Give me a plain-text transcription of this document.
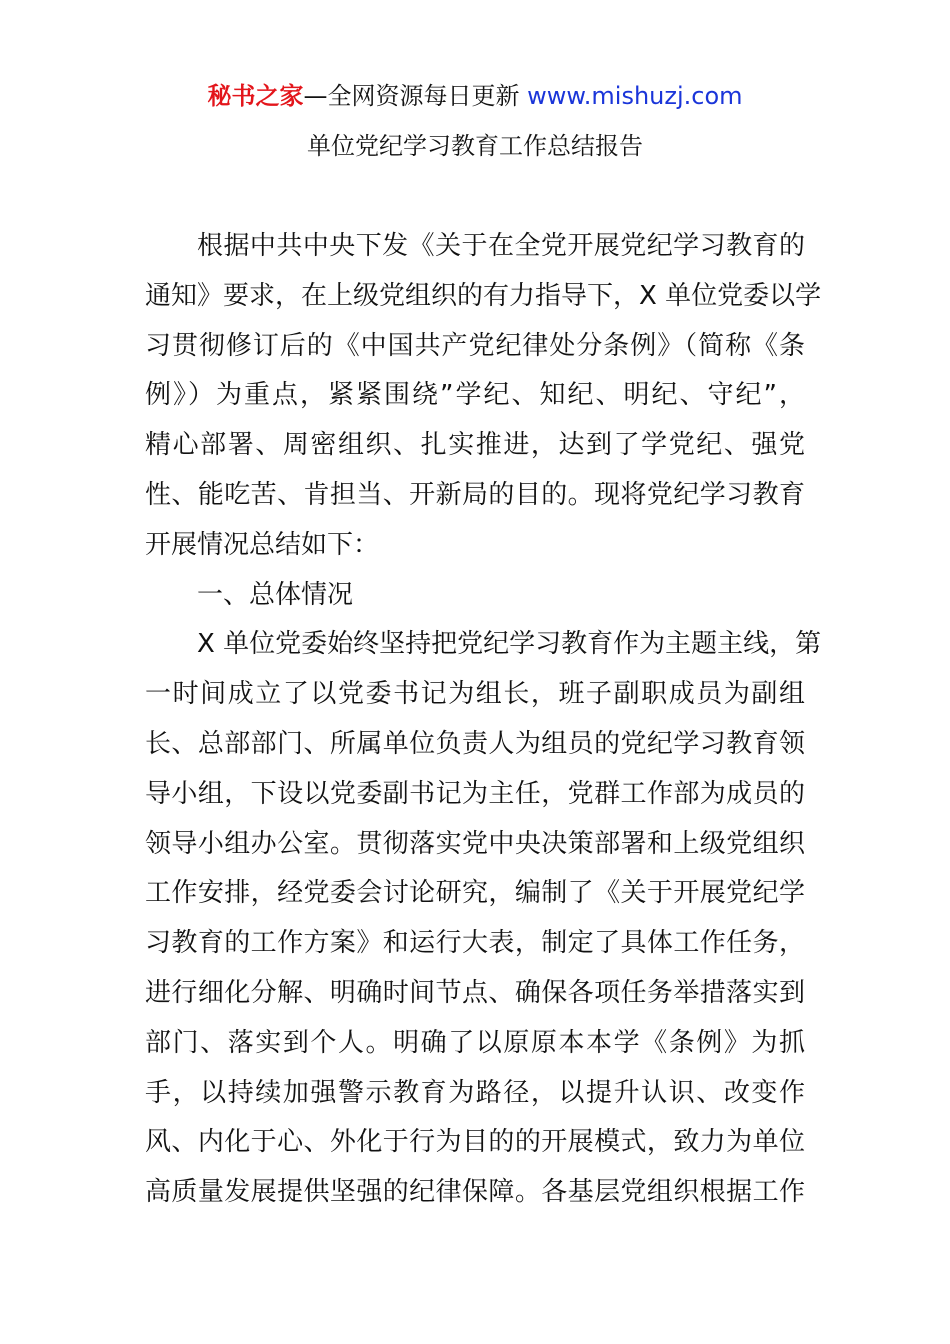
秘书之家—全网资源每日更新 www.mishuzj.com
单位党纪学习教育工作总结报告
根据中共中央下发《关于在全党开展党纪学习教育的
通知》要求，在上级党组织的有力指导下，X 单位党委以学
习贯彻修订后的《中国共产党纪律处分条例》（简称《条
例》）为重点，紧紧围绕”学纪、知纪、明纪、守纪”，
精心部署、周密组织、扎实推进，达到了学党纪、强党
性、能吃苦、肯担当、开新局的目的。现将党纪学习教育
开展情况总结如下：
一、总体情况
X 单位党委始终坚持把党纪学习教育作为主题主线，第
一时间成立了以党委书记为组长，班子副职成员为副组
长、总部部门、所属单位负责人为组员的党纪学习教育领
导小组，下设以党委副书记为主任，党群工作部为成员的
领导小组办公室。贯彻落实党中央决策部署和上级党组织
工作安排，经党委会讨论研究，编制了《关于开展党纪学
习教育的工作方案》和运行大表，制定了具体工作任务，
进行细化分解、明确时间节点、确保各项任务举措落实到
部门、落实到个人。明确了以原原本本学《条例》为抓
手，以持续加强警示教育为路径，以提升认识、改变作
风、内化于心、外化于行为目的的开展模式，致力为单位
高质量发展提供坚强的纪律保障。各基层党组织根据工作
